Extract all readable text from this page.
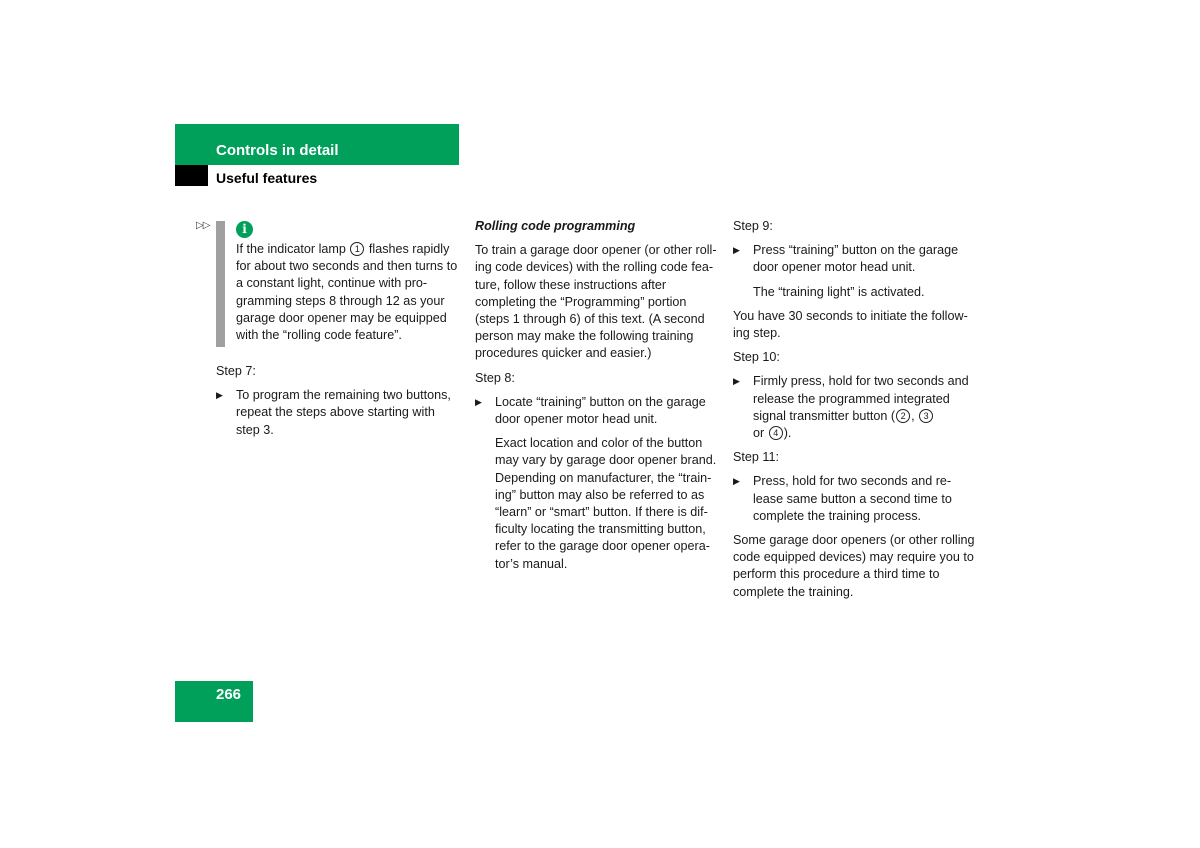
Controls in detail
Useful features
▷▷	i

If the indicator lamp 1 flashes rapidly for about two seconds and then turns to a constant light, continue with pro-gramming steps 8 through 12 as your garage door opener may be equipped with the “rolling code feature”.

Step 7:

▶ To program the remaining two buttons, repeat the steps above starting with step 3.
Rolling code programming

To train a garage door opener (or other roll-ing code devices) with the rolling code fea-ture, follow these instructions after completing the “Programming” portion (steps 1 through 6) of this text. (A second person may make the following training procedures quicker and easier.)

Step 8:

▶ Locate “training” button on the garage door opener motor head unit.

Exact location and color of the button may vary by garage door opener brand. Depending on manufacturer, the “train-ing” button may also be referred to as “learn” or “smart” button. If there is dif-ficulty locating the transmitting button, refer to the garage door opener opera-tor’s manual.

Step 9:

▶ Press “training” button on the garage door opener motor head unit.

The “training light” is activated.

You have 30 seconds to initiate the follow-ing step.

Step 10:

▶ Firmly press, hold for two seconds and release the programmed integrated signal transmitter button ( 2 , 3
or 4 ).

Step 11:

▶ Press, hold for two seconds and re-lease same button a second time to complete the training process.

Some garage door openers (or other rolling code equipped devices) may require you to perform this procedure a third time to complete the training.

266
